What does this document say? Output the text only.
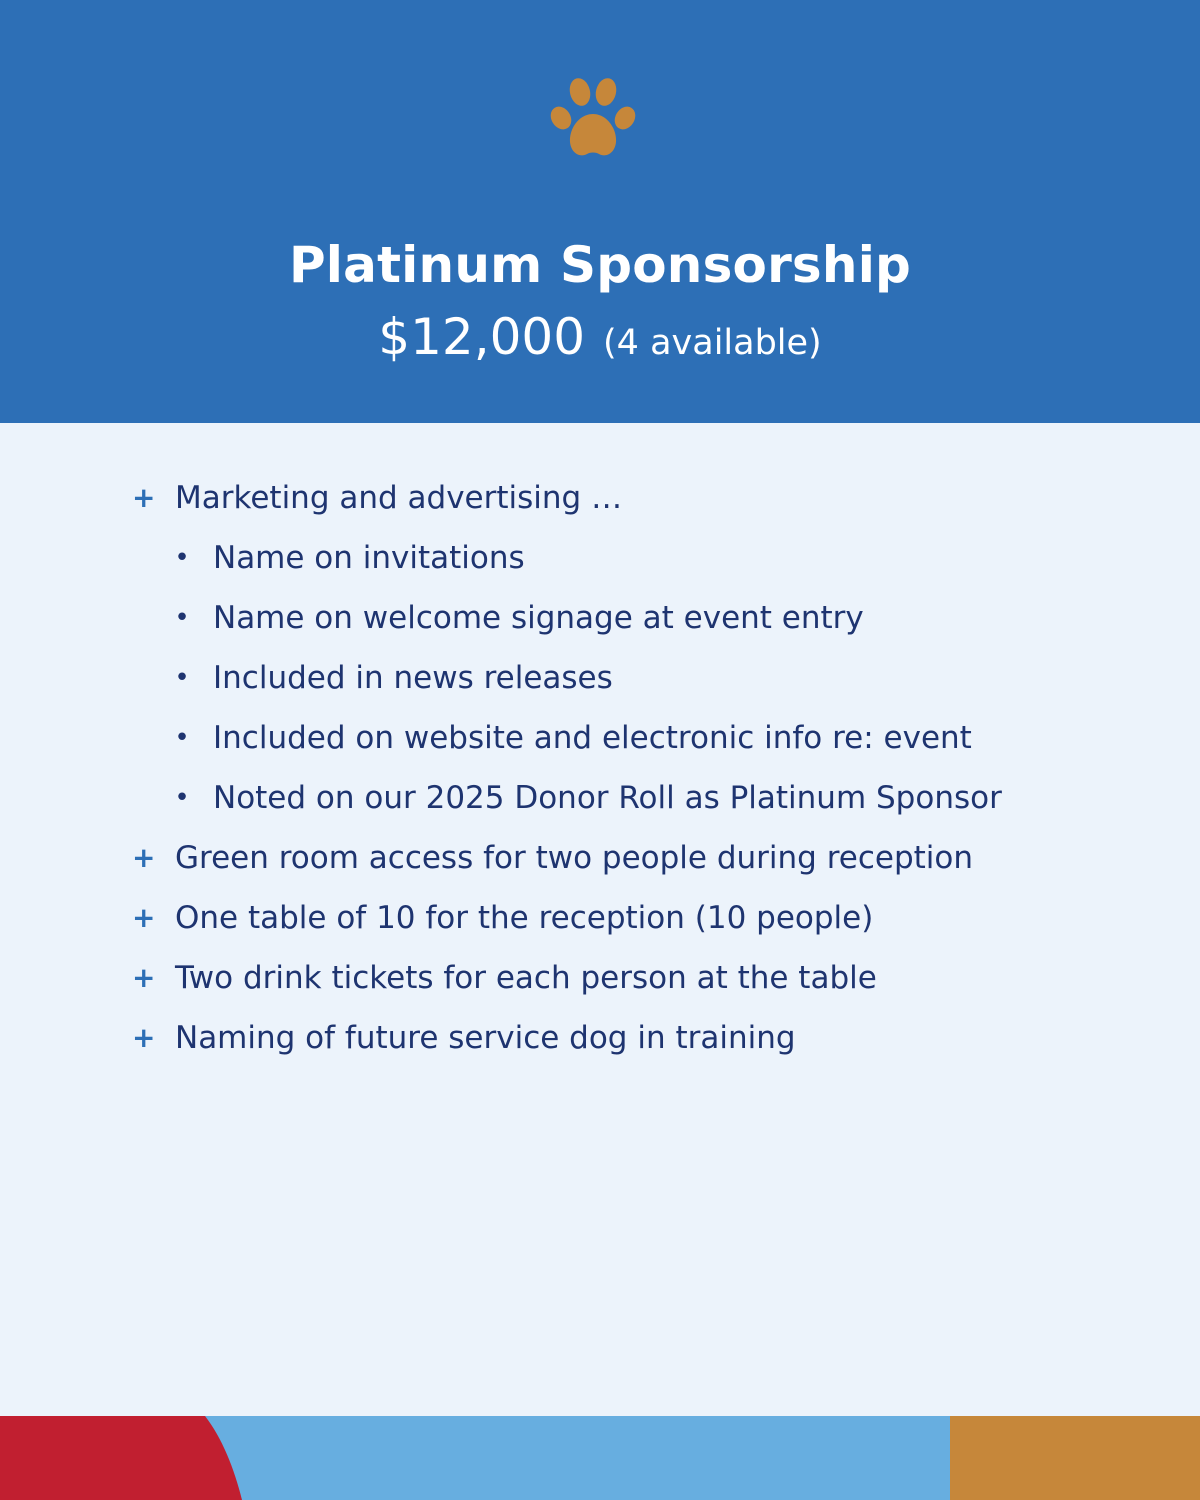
Platinum Sponsorship
$12,000 (4 available)
+ Marketing and advertising …
• Name on invitations
• Name on welcome signage at event entry
• Included in news releases
• Included on website and electronic info re: event
• Noted on our 2025 Donor Roll as Platinum Sponsor
+ Green room access for two people during reception
+ One table of 10 for the reception (10 people)
+ Two drink tickets for each person at the table
+ Naming of future service dog in training
